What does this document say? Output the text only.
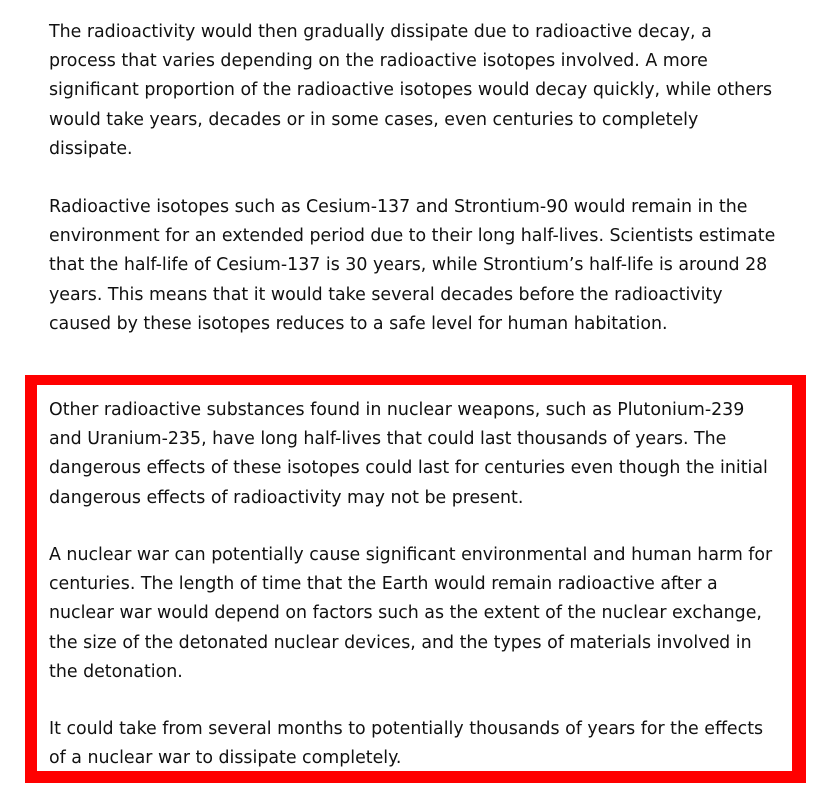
The radioactivity would then gradually dissipate due to radioactive decay, a process that varies depending on the radioactive isotopes involved. A more significant proportion of the radioactive isotopes would decay quickly, while others would take years, decades or in some cases, even centuries to completely dissipate.

Radioactive isotopes such as Cesium-137 and Strontium-90 would remain in the environment for an extended period due to their long half-lives. Scientists estimate that the half-life of Cesium-137 is 30 years, while Strontium’s half-life is around 28 years. This means that it would take several decades before the radioactivity caused by these isotopes reduces to a safe level for human habitation.

Other radioactive substances found in nuclear weapons, such as Plutonium-239 and Uranium-235, have long half-lives that could last thousands of years. The dangerous effects of these isotopes could last for centuries even though the initial dangerous effects of radioactivity may not be present.

A nuclear war can potentially cause significant environmental and human harm for centuries. The length of time that the Earth would remain radioactive after a nuclear war would depend on factors such as the extent of the nuclear exchange, the size of the detonated nuclear devices, and the types of materials involved in the detonation.

It could take from several months to potentially thousands of years for the effects of a nuclear war to dissipate completely.
